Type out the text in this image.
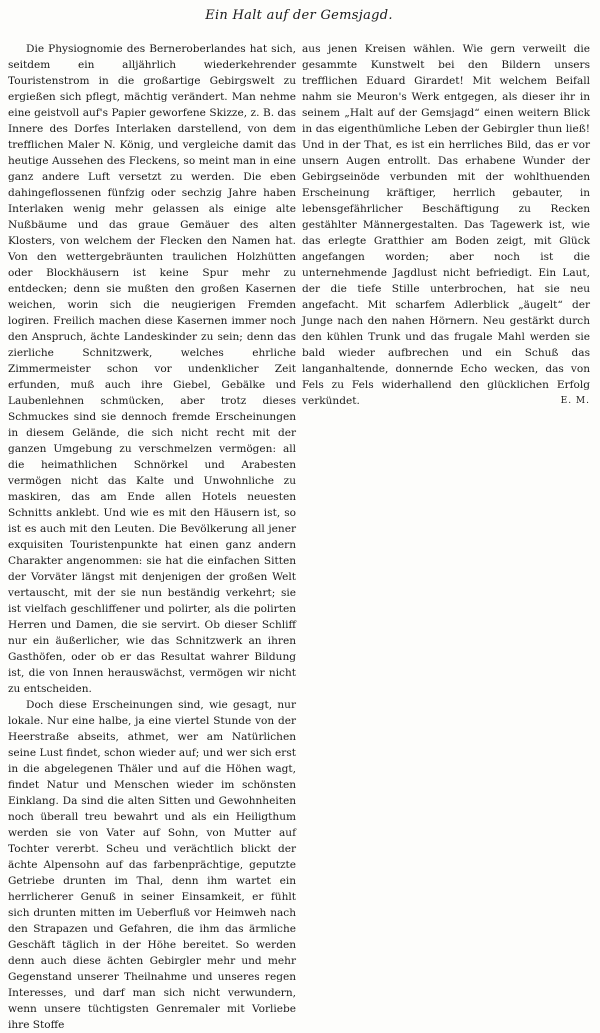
Ein Halt auf der Gemsjagd.

Die Physiognomie des Berneroberlandes hat sich, seitdem ein alljährlich wiederkehrender Touristenstrom in die großartige Gebirgswelt zu ergießen sich pflegt, mächtig verändert. Man nehme eine geistvoll auf's Papier geworfene Skizze, z. B. das Innere des Dorfes Interlaken darstellend, von dem trefflichen Maler N. König, und vergleiche damit das heutige Aussehen des Fleckens, so meint man in eine ganz andere Luft versetzt zu werden. Die eben dahingeflossenen fünfzig oder sechzig Jahre haben Interlaken wenig mehr gelassen als einige alte Nußbäume und das graue Gemäuer des alten Klosters, von welchem der Flecken den Namen hat. Von den wettergebräunten traulichen Holzhütten oder Blockhäusern ist keine Spur mehr zu entdecken; denn sie mußten den großen Kasernen weichen, worin sich die neugierigen Fremden logiren. Freilich machen diese Kasernen immer noch den Anspruch, ächte Landeskinder zu sein; denn das zierliche Schnitzwerk, welches ehrliche Zimmermeister schon vor undenklicher Zeit erfunden, muß auch ihre Giebel, Gebälke und Laubenlehnen schmücken, aber trotz dieses Schmuckes sind sie dennoch fremde Erscheinungen in diesem Gelände, die sich nicht recht mit der ganzen Umgebung zu verschmelzen vermögen: all die heimathlichen Schnörkel und Arabesten vermögen nicht das Kalte und Unwohnliche zu maskiren, das am Ende allen Hotels neuesten Schnitts anklebt. Und wie es mit den Häusern ist, so ist es auch mit den Leuten. Die Bevölkerung all jener exquisiten Touristenpunkte hat einen ganz andern Charakter angenommen: sie hat die einfachen Sitten der Vorväter längst mit denjenigen der großen Welt vertauscht, mit der sie nun beständig verkehrt; sie ist vielfach geschliffener und polirter, als die polirten Herren und Damen, die sie servirt. Ob dieser Schliff nur ein äußerlicher, wie das Schnitzwerk an ihren Gasthöfen, oder ob er das Resultat wahrer Bildung ist, die von Innen herauswächst, vermögen wir nicht zu entscheiden.

Doch diese Erscheinungen sind, wie gesagt, nur lokale. Nur eine halbe, ja eine viertel Stunde von der Heerstraße abseits, athmet, wer am Natürlichen seine Lust findet, schon wieder auf; und wer sich erst in die abgelegenen Thäler und auf die Höhen wagt, findet Natur und Menschen wieder im schönsten Einklang. Da sind die alten Sitten und Gewohnheiten noch überall treu bewahrt und als ein Heiligthum werden sie von Vater auf Sohn, von Mutter auf Tochter vererbt. Scheu und verächtlich blickt der ächte Alpensohn auf das farbenprächtige, geputzte Getriebe drunten im Thal, denn ihm wartet ein herrlicherer Genuß in seiner Einsamkeit, er fühlt sich drunten mitten im Ueberfluß vor Heimweh nach den Strapazen und Gefahren, die ihm das ärmliche Geschäft täglich in der Höhe bereitet. So werden denn auch diese ächten Gebirgler mehr und mehr Gegenstand unserer Theilnahme und unseres regen Interesses, und darf man sich nicht verwundern, wenn unsere tüchtigsten Genremaler mit Vorliebe ihre Stoffe

aus jenen Kreisen wählen. Wie gern verweilt die gesammte Kunstwelt bei den Bildern unsers trefflichen Eduard Girardet! Mit welchem Beifall nahm sie Meuron's Werk entgegen, als dieser ihr in seinem „Halt auf der Gemsjagd“ einen weitern Blick in das eigenthümliche Leben der Gebirgler thun ließ! Und in der That, es ist ein herrliches Bild, das er vor unsern Augen entrollt. Das erhabene Wunder der Gebirgseinöde verbunden mit der wohlthuenden Erscheinung kräftiger, herrlich gebauter, in lebensgefährlicher Beschäftigung zu Recken gestählter Männergestalten. Das Tagewerk ist, wie das erlegte Gratthier am Boden zeigt, mit Glück angefangen worden; aber noch ist die unternehmende Jagdlust nicht befriedigt. Ein Laut, der die tiefe Stille unterbrochen, hat sie neu angefacht. Mit scharfem Adlerblick „äugelt“ der Junge nach den nahen Hörnern. Neu gestärkt durch den kühlen Trunk und das frugale Mahl werden sie bald wieder aufbrechen und ein Schuß das langanhaltende, donnernde Echo wecken, das von Fels zu Fels widerhallend den glücklichen Erfolg verkündet.	E. M.
